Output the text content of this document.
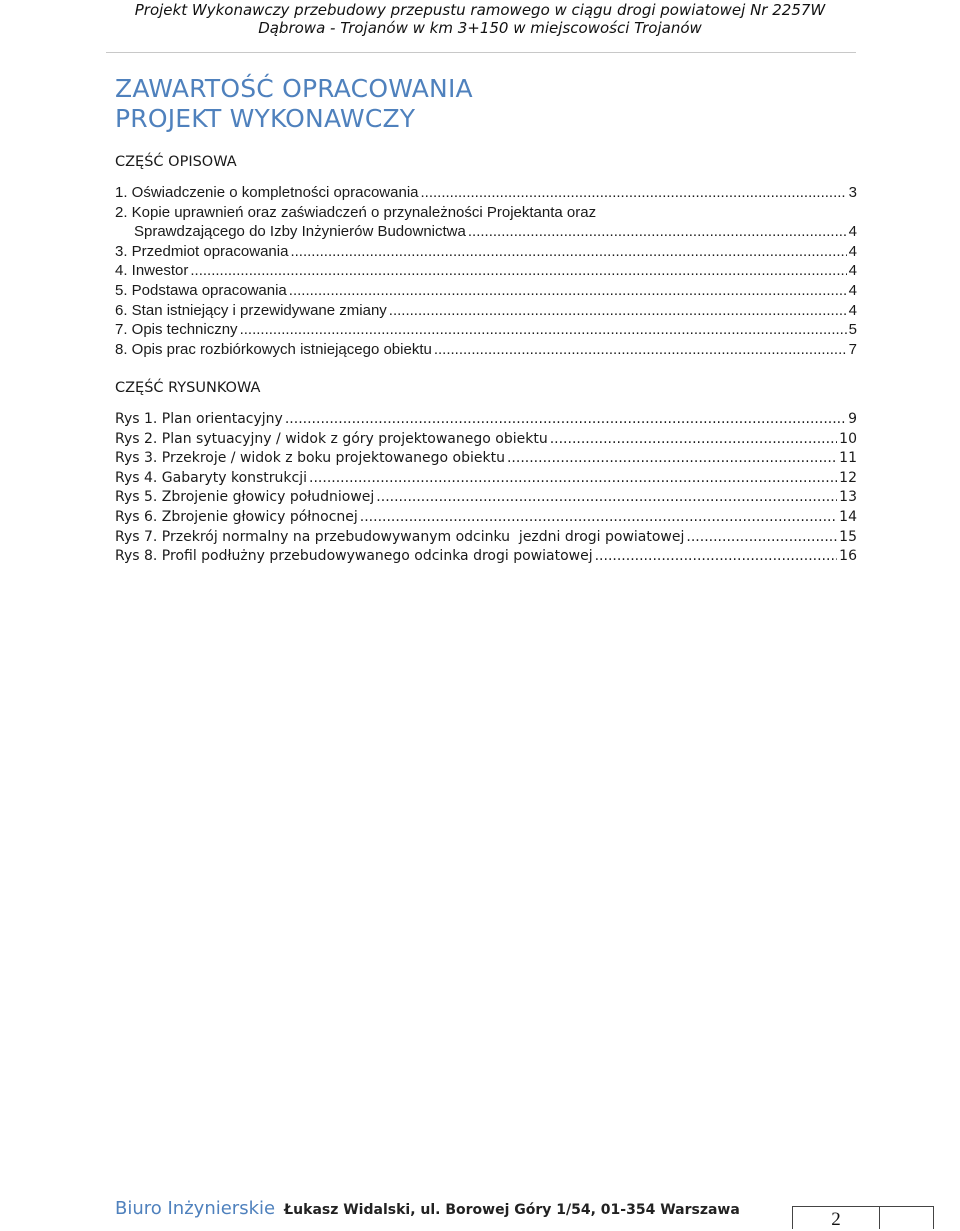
Projekt Wykonawczy przebudowy przepustu ramowego w ciągu drogi powiatowej Nr 2257W
Dąbrowa - Trojanów w km 3+150 w miejscowości Trojanów
ZAWARTOŚĆ OPRACOWANIA
PROJEKT WYKONAWCZY
CZĘŚĆ OPISOWA
1. Oświadczenie o kompletności opracowania .....	3
2. Kopie uprawnień oraz zaświadczeń o przynależności Projektanta oraz
Sprawdzającego do Izby Inżynierów Budownictwa .....	4
3. Przedmiot opracowania .....	4
4. Inwestor .....	4
5. Podstawa opracowania .....	4
6. Stan istniejący i przewidywane zmiany .....	4
7. Opis techniczny .....	5
8. Opis prac rozbiórkowych istniejącego obiektu .....	7
CZĘŚĆ RYSUNKOWA
Rys 1. Plan orientacyjny .....	9
Rys 2. Plan sytuacyjny / widok z góry projektowanego obiektu .....	10
Rys 3. Przekroje / widok z boku projektowanego obiektu .....	11
Rys 4. Gabaryty konstrukcji .....	12
Rys 5. Zbrojenie głowicy południowej .....	13
Rys 6. Zbrojenie głowicy północnej .....	14
Rys 7. Przekrój normalny na przebudowywanym odcinku  jezdni drogi powiatowej .....	15
Rys 8. Profil podłużny przebudowywanego odcinka drogi powiatowej .....	16
Biuro Inżynierskie Łukasz Widalski, ul. Borowej Góry 1/54, 01-354 Warszawa	2
